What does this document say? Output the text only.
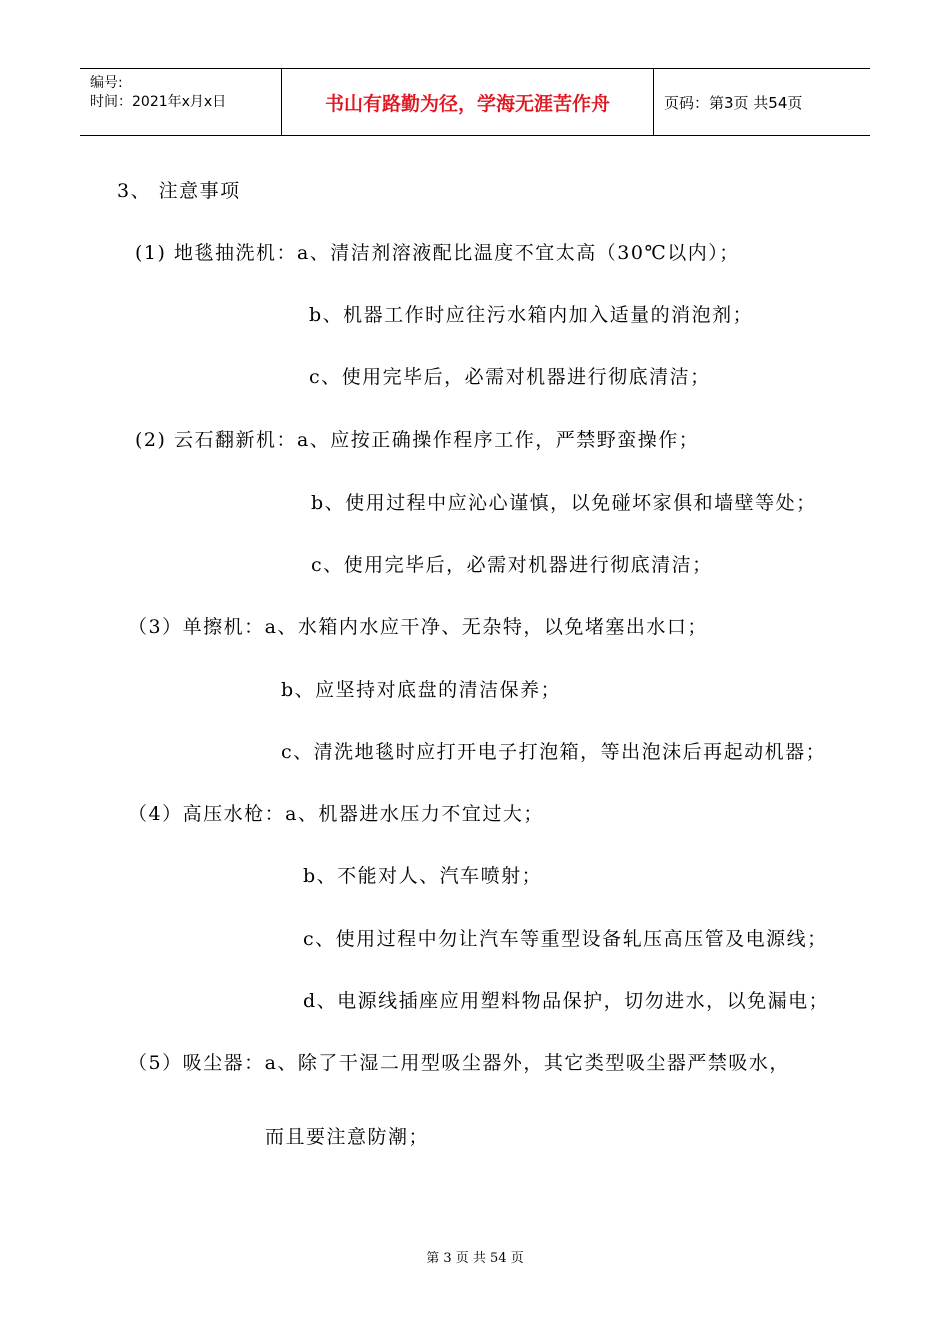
编号:
时间：2021年x月x日	书山有路勤为径，学海无涯苦作舟	页码：第3页 共54页
3、 注意事项
(1) 地毯抽洗机：a、清洁剂溶液配比温度不宜太高（30℃以内）；
b、机器工作时应往污水箱内加入适量的消泡剂；
c、使用完毕后，必需对机器进行彻底清洁；
(2) 云石翻新机：a、应按正确操作程序工作，严禁野蛮操作；
b、使用过程中应沁心谨慎，以免碰坏家俱和墙壁等处；
c、使用完毕后，必需对机器进行彻底清洁；
（3）单擦机：a、水箱内水应干净、无杂特，以免堵塞出水口；
b、应坚持对底盘的清洁保养；
c、清洗地毯时应打开电子打泡箱，等出泡沫后再起动机器；
（4）高压水枪：a、机器进水压力不宜过大；
b、不能对人、汽车喷射；
c、使用过程中勿让汽车等重型设备轧压高压管及电源线；
d、电源线插座应用塑料物品保护，切勿进水，以免漏电；
（5）吸尘器：a、除了干湿二用型吸尘器外，其它类型吸尘器严禁吸水，
而且要注意防潮；
第 3 页 共 54 页
